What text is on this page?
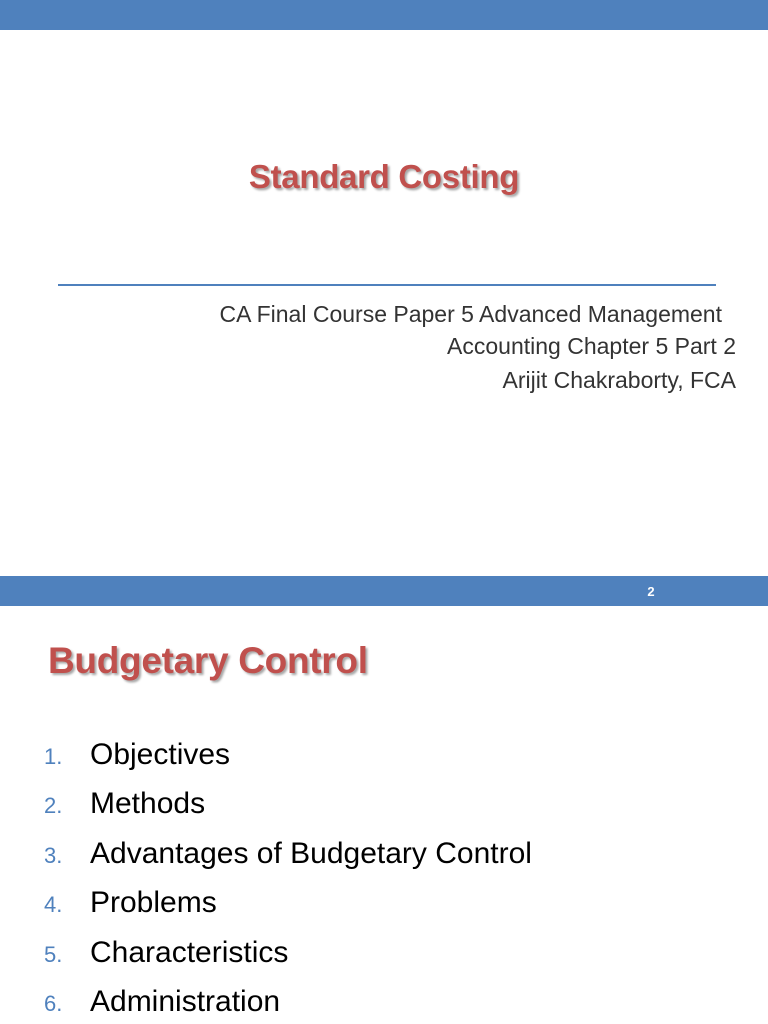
Standard Costing
CA Final Course Paper 5 Advanced Management
Accounting Chapter 5 Part 2
Arijit Chakraborty, FCA
2
Budgetary Control
1. Objectives
2. Methods
3. Advantages of Budgetary Control
4. Problems
5. Characteristics
6. Administration
